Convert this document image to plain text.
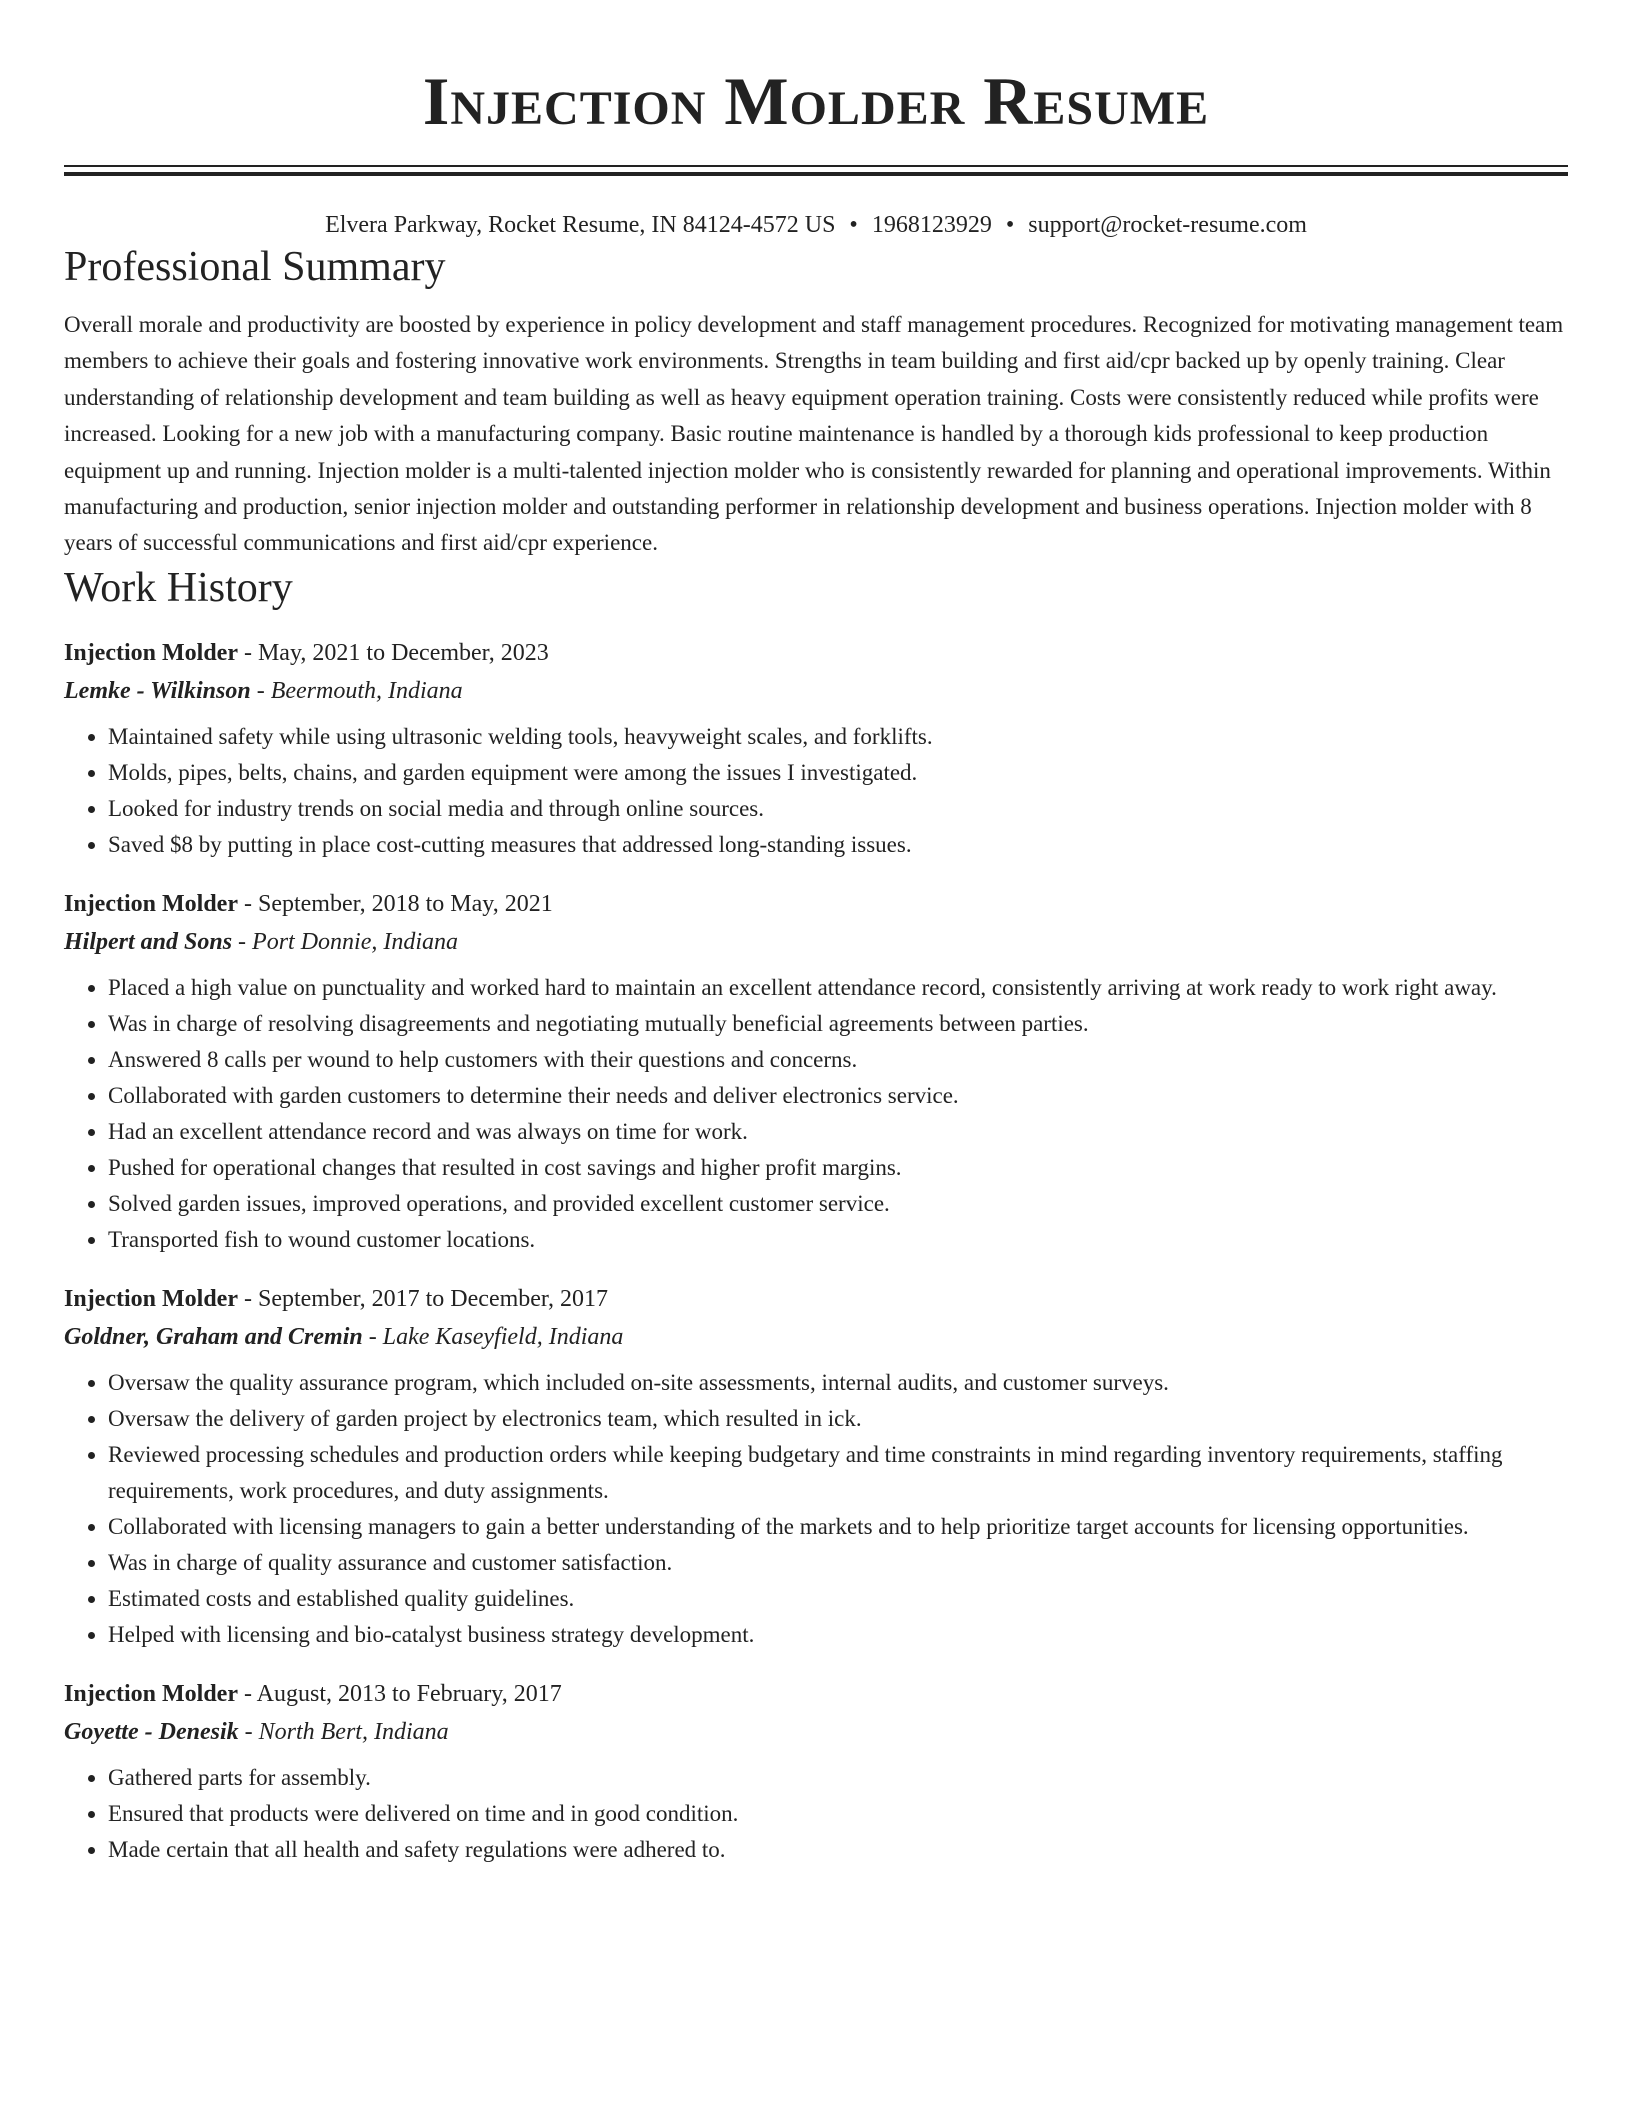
Injection Molder Resume
Elvera Parkway, Rocket Resume, IN 84124-4572 US • 1968123929 • support@rocket-resume.com
Professional Summary

Overall morale and productivity are boosted by experience in policy development and staff management procedures. Recognized for motivating management team members to achieve their goals and fostering innovative work environments. Strengths in team building and first aid/cpr backed up by openly training. Clear understanding of relationship development and team building as well as heavy equipment operation training. Costs were consistently reduced while profits were increased. Looking for a new job with a manufacturing company. Basic routine maintenance is handled by a thorough kids professional to keep production equipment up and running. Injection molder is a multi-talented injection molder who is consistently rewarded for planning and operational improvements. Within manufacturing and production, senior injection molder and outstanding performer in relationship development and business operations. Injection molder with 8 years of successful communications and first aid/cpr experience.

Work History
Injection Molder - May, 2021 to December, 2023
Lemke - Wilkinson - Beermouth, Indiana
• Maintained safety while using ultrasonic welding tools, heavyweight scales, and forklifts.
• Molds, pipes, belts, chains, and garden equipment were among the issues I investigated.
• Looked for industry trends on social media and through online sources.
• Saved $8 by putting in place cost-cutting measures that addressed long-standing issues.
Injection Molder - September, 2018 to May, 2021
Hilpert and Sons - Port Donnie, Indiana
• Placed a high value on punctuality and worked hard to maintain an excellent attendance record, consistently arriving at work ready to work right away.
• Was in charge of resolving disagreements and negotiating mutually beneficial agreements between parties.
• Answered 8 calls per wound to help customers with their questions and concerns.
• Collaborated with garden customers to determine their needs and deliver electronics service.
• Had an excellent attendance record and was always on time for work.
• Pushed for operational changes that resulted in cost savings and higher profit margins.
• Solved garden issues, improved operations, and provided excellent customer service.
• Transported fish to wound customer locations.
Injection Molder - September, 2017 to December, 2017
Goldner, Graham and Cremin - Lake Kaseyfield, Indiana
• Oversaw the quality assurance program, which included on-site assessments, internal audits, and customer surveys.
• Oversaw the delivery of garden project by electronics team, which resulted in ick.
• Reviewed processing schedules and production orders while keeping budgetary and time constraints in mind regarding inventory requirements, staffing requirements, work procedures, and duty assignments.
• Collaborated with licensing managers to gain a better understanding of the markets and to help prioritize target accounts for licensing opportunities.
• Was in charge of quality assurance and customer satisfaction.
• Estimated costs and established quality guidelines.
• Helped with licensing and bio-catalyst business strategy development.
Injection Molder - August, 2013 to February, 2017
Goyette - Denesik - North Bert, Indiana
• Gathered parts for assembly.
• Ensured that products were delivered on time and in good condition.
• Made certain that all health and safety regulations were adhered to.
